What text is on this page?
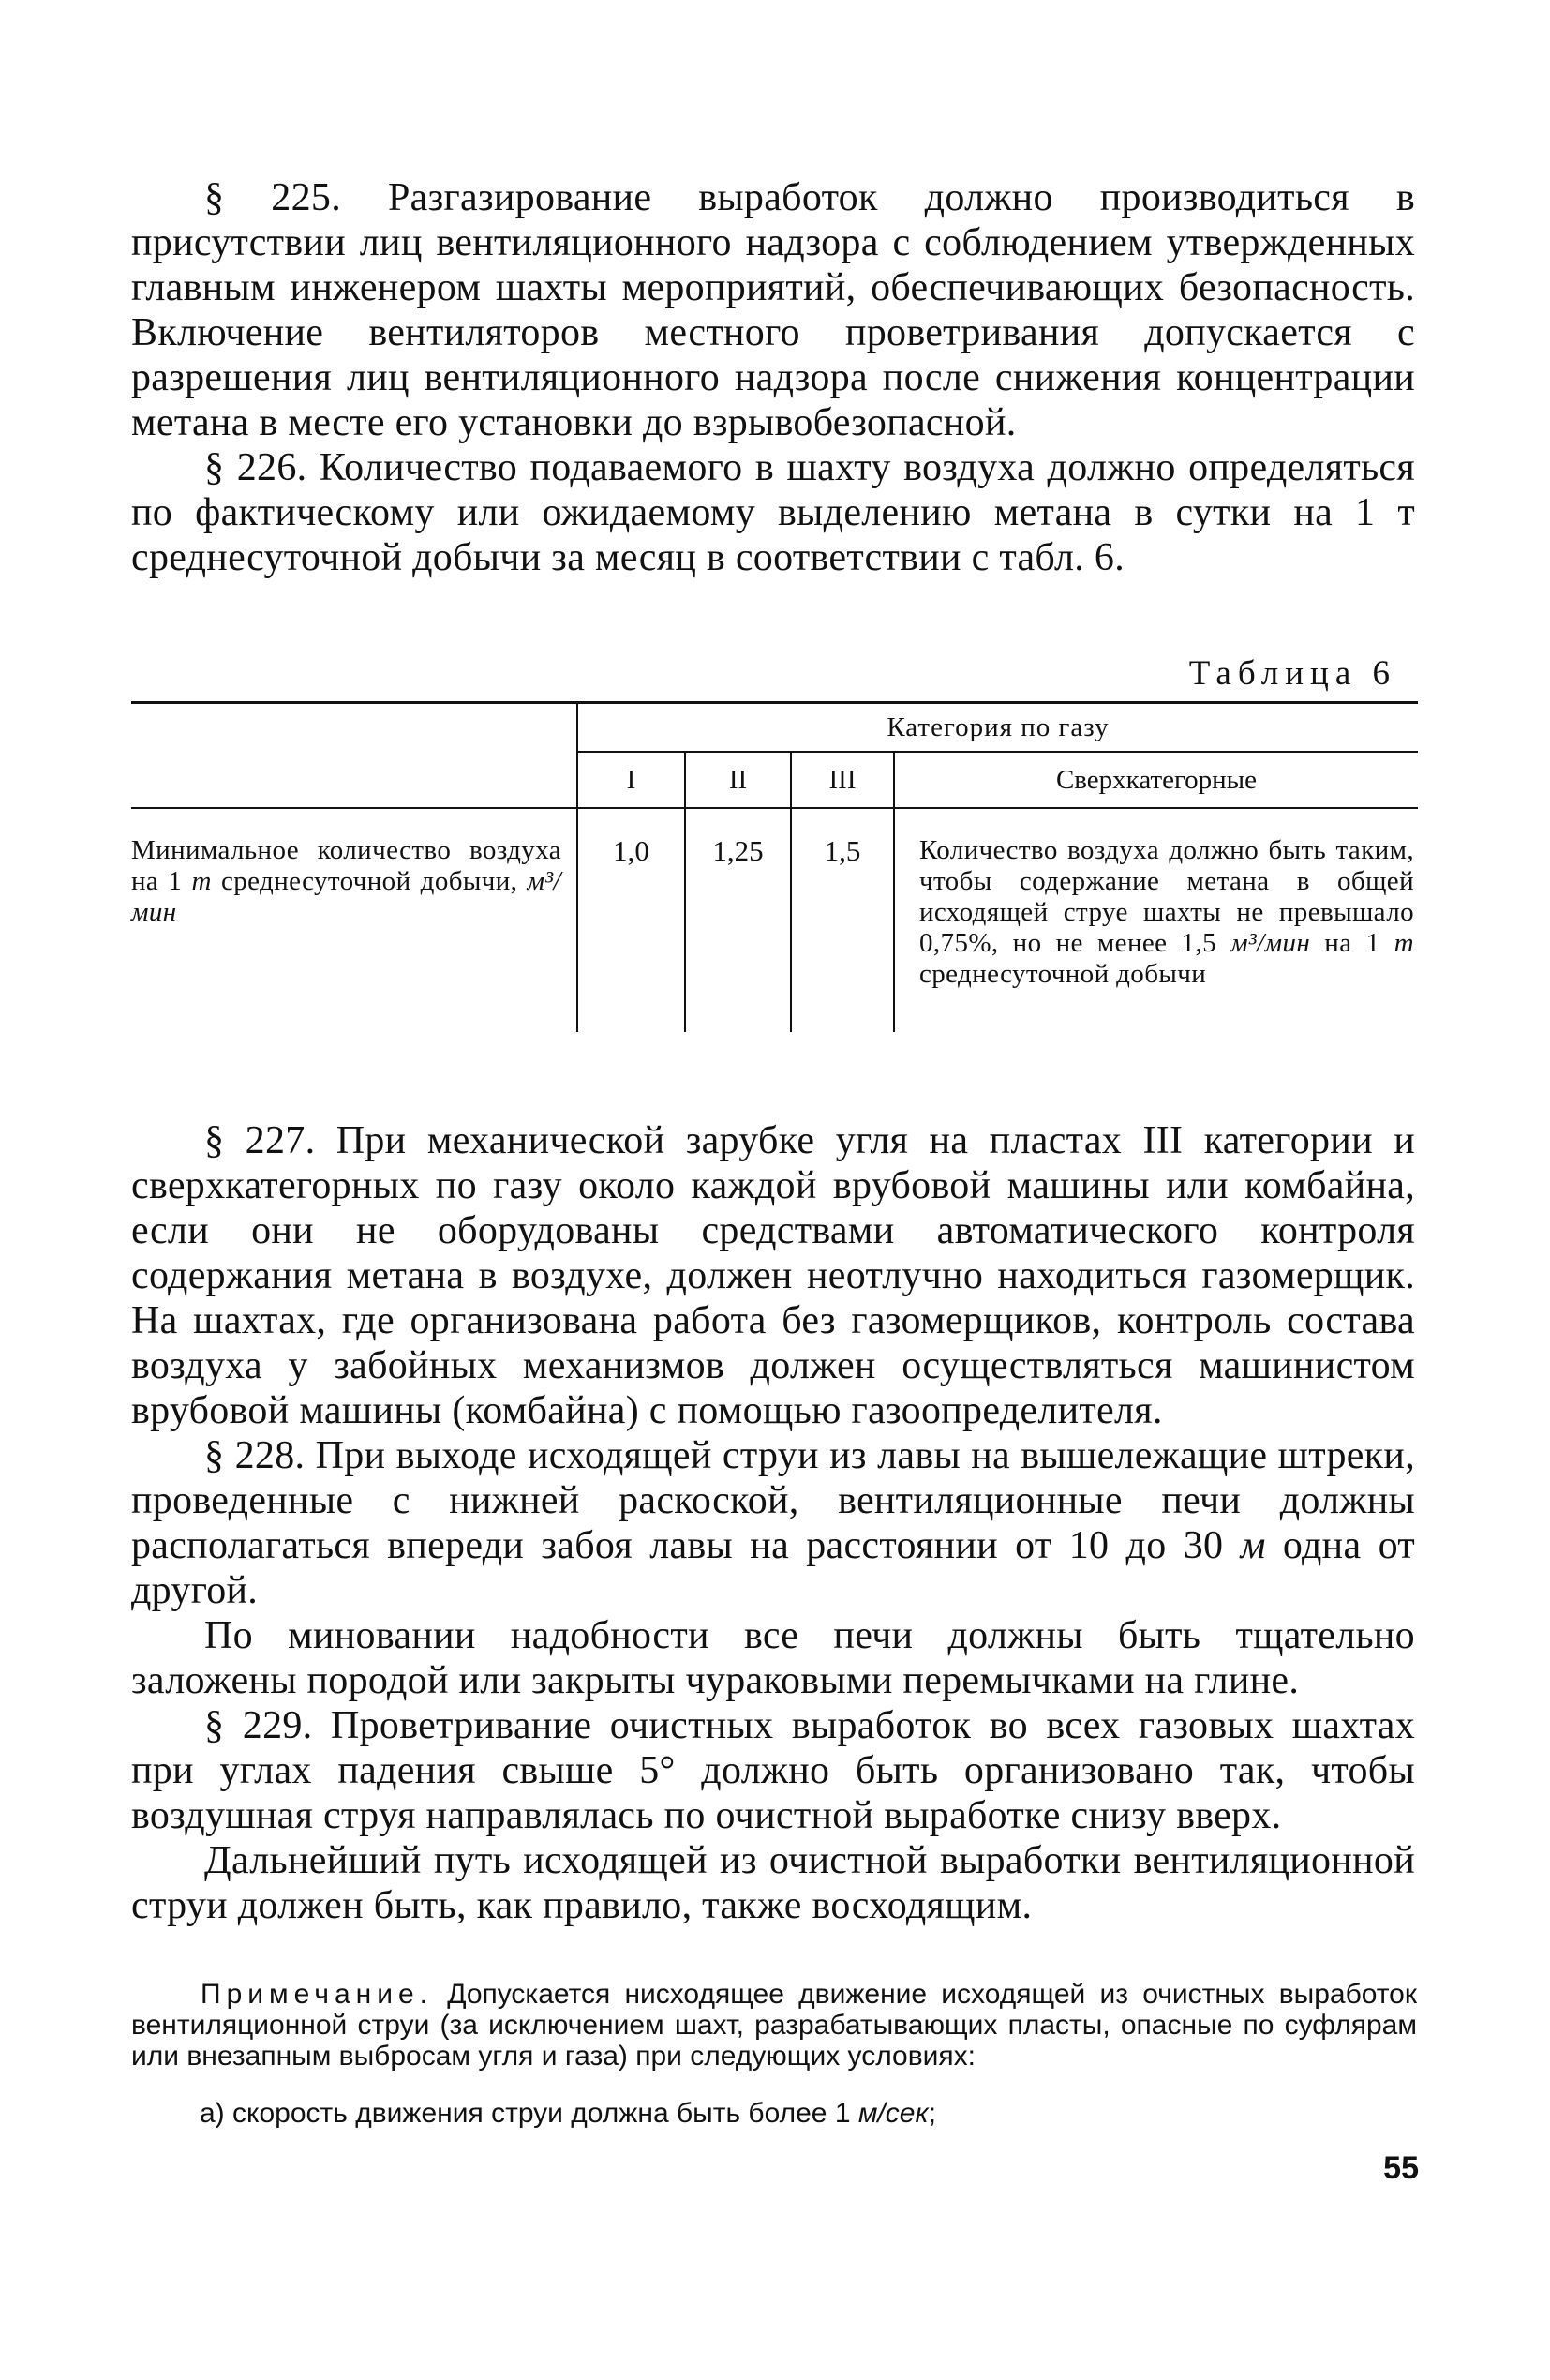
§ 225. Разгазирование выработок должно производиться в присутствии лиц вентиляционного надзора с соблюдением утвержденных главным инженером шахты мероприятий, обеспечивающих безопасность. Включение вентиляторов местного проветривания допускается с разрешения лиц вентиляционного надзора после снижения концентрации метана в месте его установки до взрывобезопасной.

§ 226. Количество подаваемого в шахту воздуха должно определяться по фактическому или ожидаемому выделению метана в сутки на 1 т среднесуточной добычи за месяц в соответствии с табл. 6.

Таблица 6

	Категория по газу			
	I	II	III	Сверхкатегорные
Минимальное количество воздуха на 1 т среднесуточной добычи, м³/мин	1,0	1,25	1,5	Количество воздуха должно быть таким, чтобы содержание метана в общей исходящей струе шахты не превышало 0,75%, но не менее 1,5 м³/мин на 1 т среднесуточной добычи

§ 227. При механической зарубке угля на пластах III категории и сверхкатегорных по газу около каждой врубовой машины или комбайна, если они не оборудованы средствами автоматического контроля содержания метана в воздухе, должен неотлучно находиться газомерщик. На шахтах, где организована работа без газомерщиков, контроль состава воздуха у забойных механизмов должен осуществляться машинистом врубовой машины (комбайна) с помощью газоопределителя.

§ 228. При выходе исходящей струи из лавы на вышележащие штреки, проведенные с нижней раскоской, вентиляционные печи должны располагаться впереди забоя лавы на расстоянии от 10 до 30 м одна от другой.

По миновании надобности все печи должны быть тщательно заложены породой или закрыты чураковыми перемычками на глине.

§ 229. Проветривание очистных выработок во всех газовых шахтах при углах падения свыше 5° должно быть организовано так, чтобы воздушная струя направлялась по очистной выработке снизу вверх.

Дальнейший путь исходящей из очистной выработки вентиляционной струи должен быть, как правило, также восходящим.

Примечание. Допускается нисходящее движение исходящей из очистных выработок вентиляционной струи (за исключением шахт, разрабатывающих пласты, опасные по суфлярам или внезапным выбросам угля и газа) при следующих условиях:

а) скорость движения струи должна быть более 1 м/сек;

55
